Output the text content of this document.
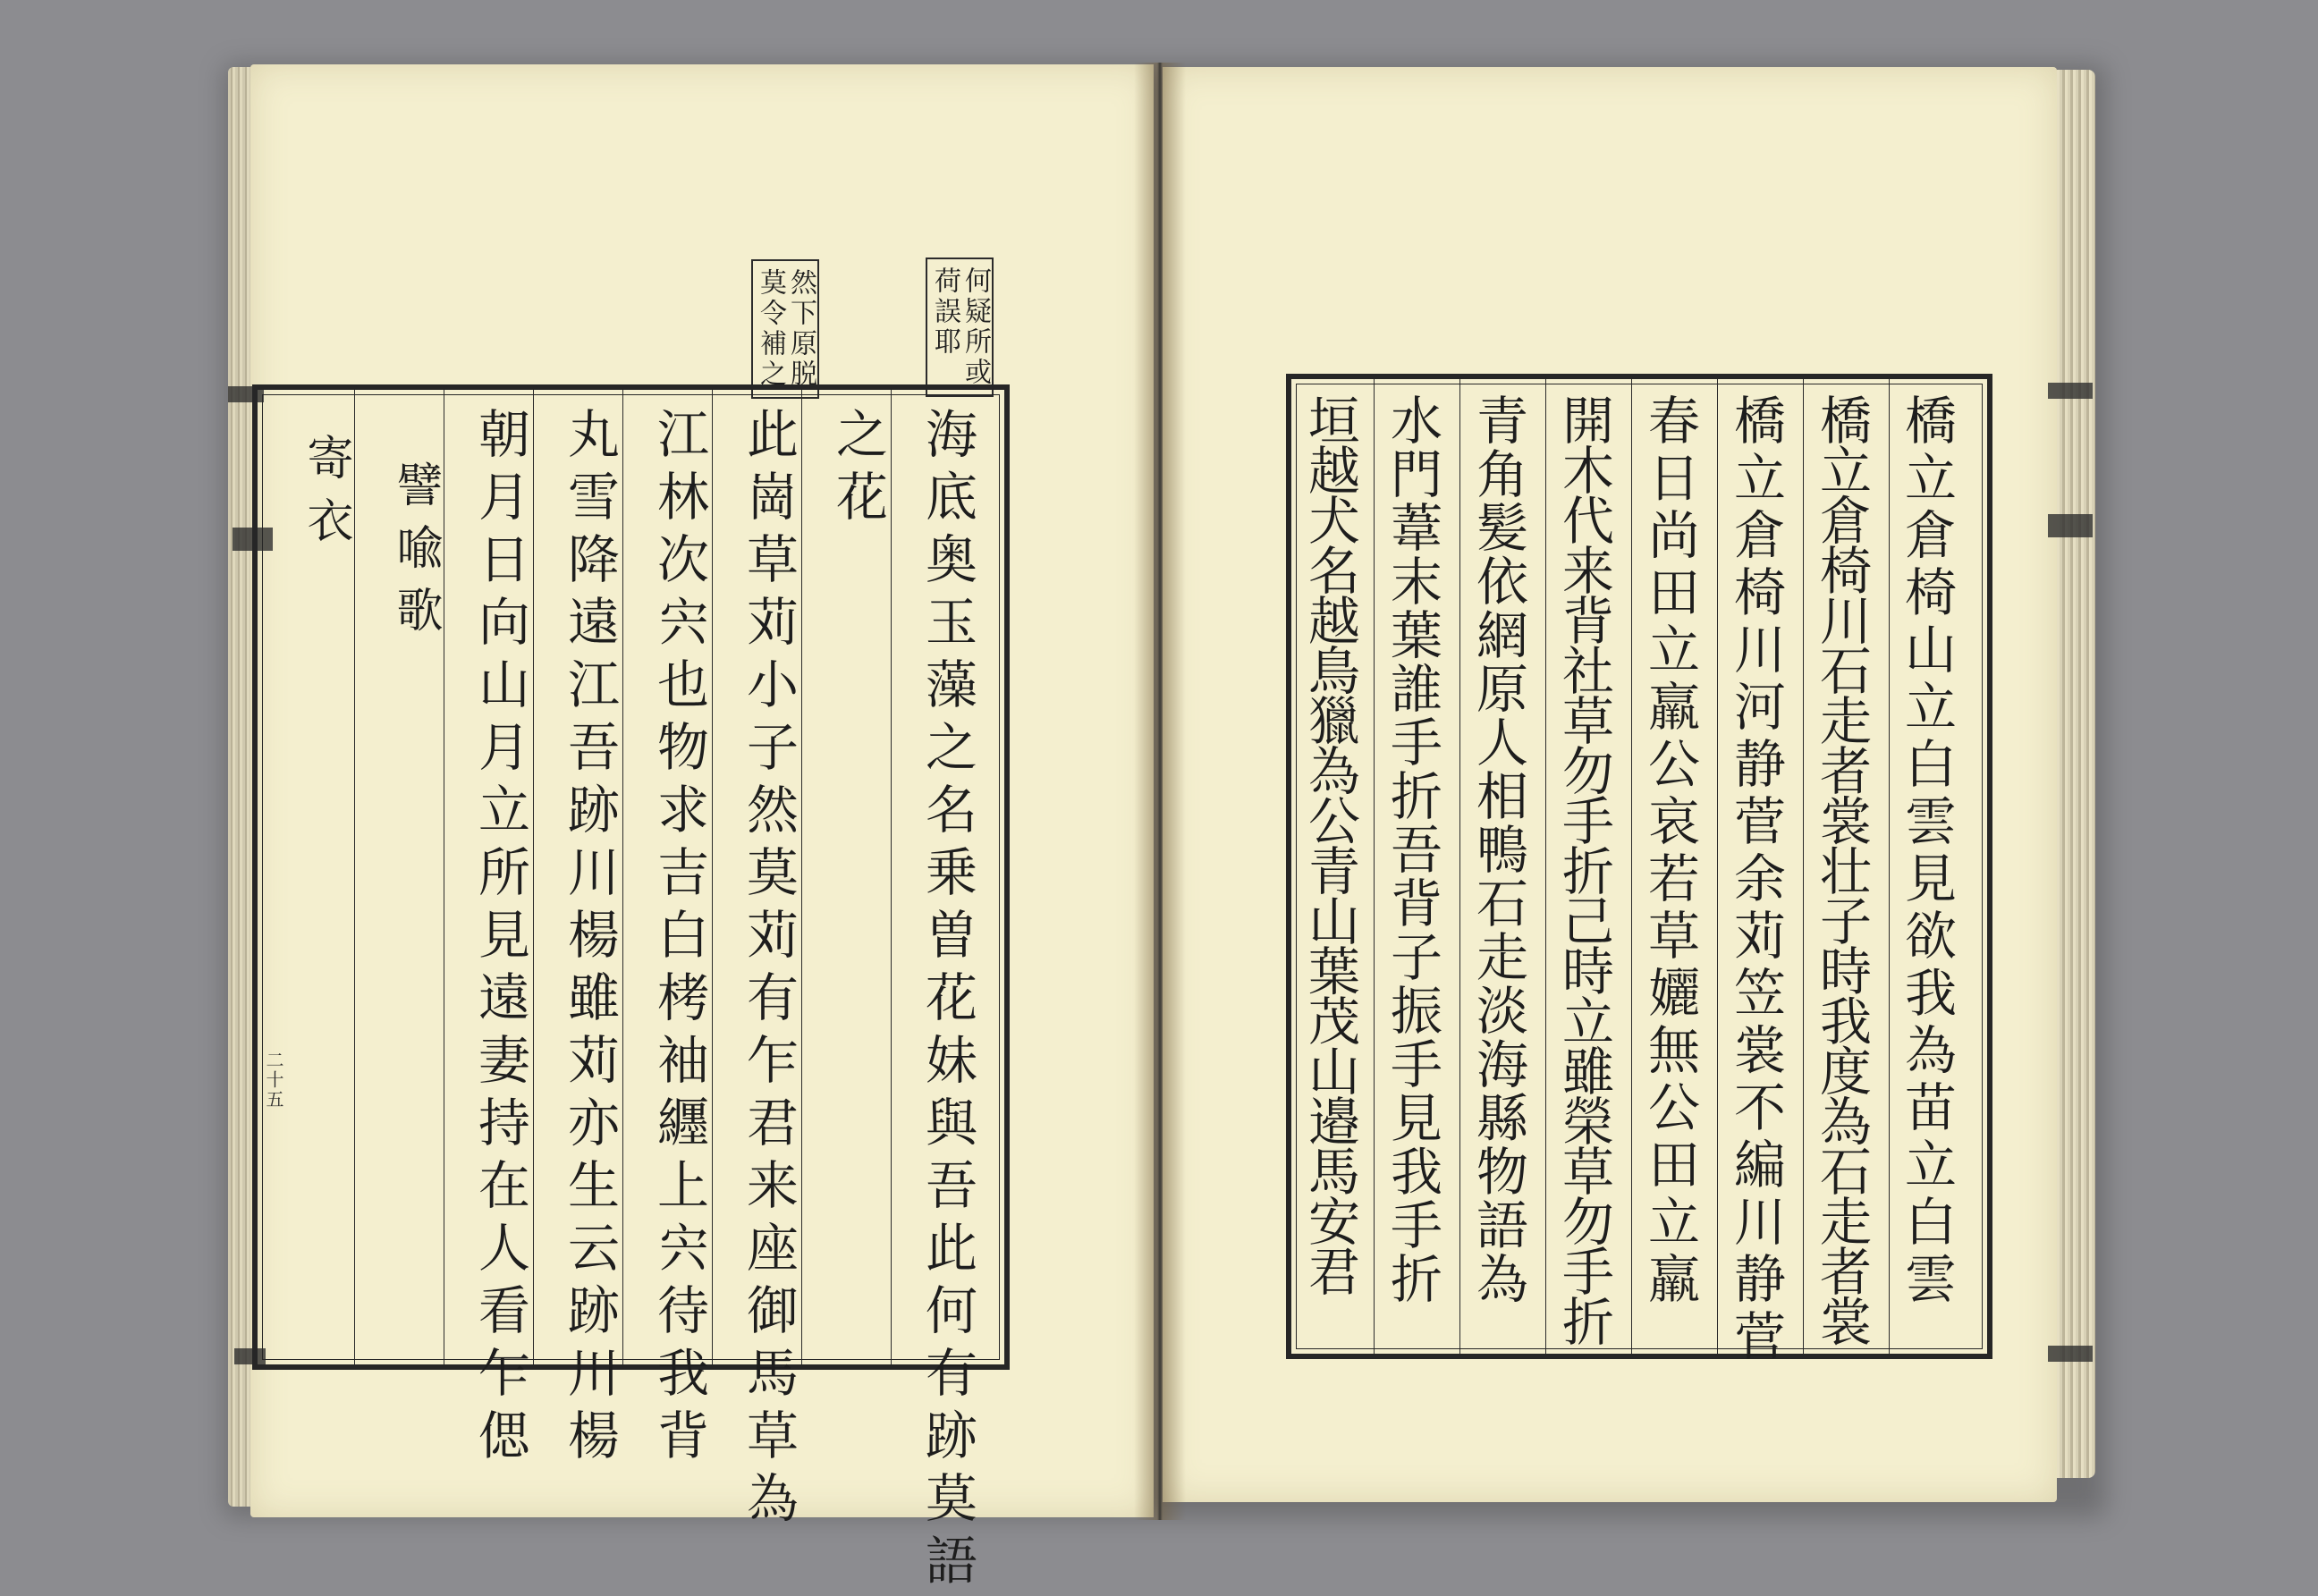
何疑所或
荷誤耶
然下原脱
莫令補之
海底奥玉藻之名乗曽花妹與吾此何有跡莫語
之花
此崗草苅小子然莫苅有乍君来座御馬草為
江林次宍也物求吉白栲袖纒上宍待我背
丸雪降遠江吾跡川楊雖苅亦生云跡川楊
朝月日向山月立所見遠妻持在人看乍偲
譬喩歌
寄衣
二十五	橋立倉椅山立白雲見欲我為苗立白雲
橋立倉椅川石走者裳壮子時我度為石走者裳
橋立倉椅川河静菅余苅笠裳不編川静菅
春日尚田立羸公哀若草孋無公田立羸
開木代来背社草勿手折己時立雖榮草勿手折
青角髪依網原人相鴨石走淡海縣物語為
水門葦末葉誰手折吾背子振手見我手折
垣越犬名越鳥獵為公青山葉茂山邉馬安君
